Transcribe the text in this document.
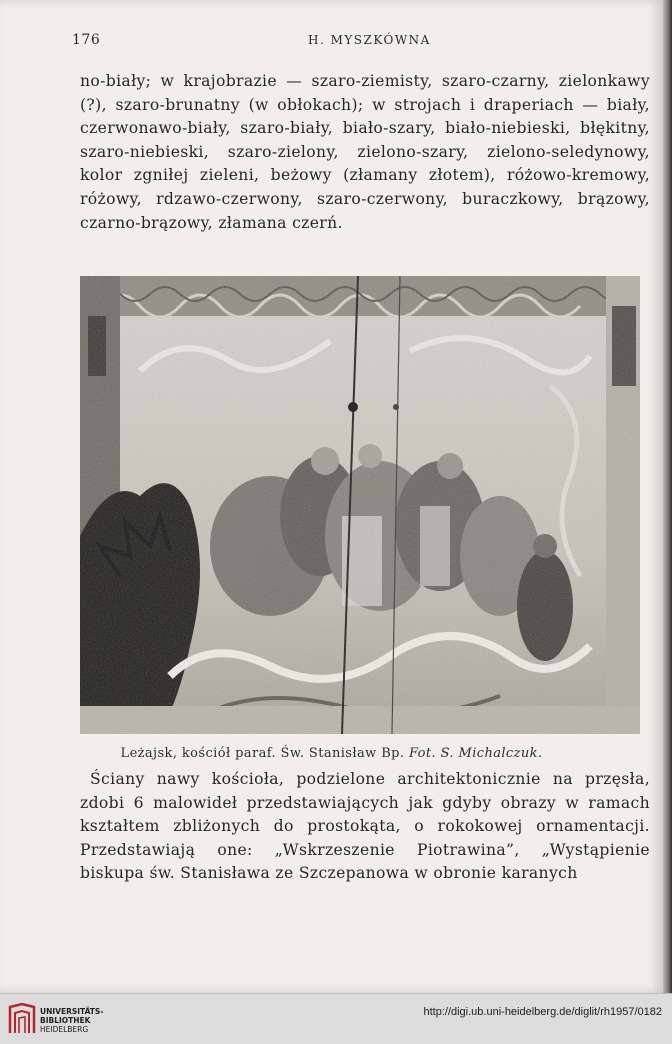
176	H. MYSZKÓWNA

no-biały; w krajobrazie — szaro-ziemisty, szaro-czarny, zielonkawy (?), szaro-brunatny (w obłokach); w strojach i draperiach — biały, czerwonawo-biały, szaro-biały, biało-szary, biało-niebieski, błękitny, szaro-niebieski, szaro-zielony, zielono-szary, zielono-seledynowy, kolor zgniłej zieleni, beżowy (złamany złotem), różowo-kremowy, różowy, rdzawo-czerwony, szaro-czerwony, buraczkowy, brązowy, czarno-brązowy, złamana czerń.

Leżajsk, kościół paraf. Św. Stanisław Bp. Fot. S. Michalczuk.

Ściany nawy kościoła, podzielone architektonicznie na przęsła, zdobi 6 malowideł przedstawiających jak gdyby obrazy w ramach kształtem zbliżonych do prostokąta, o rokokowej ornamentacji. Przedstawiają one: „Wskrzeszenie Piotrawina”, „Wystąpienie biskupa św. Stanisława ze Szczepanowa w obronie karanych

UNIVERSITÄTS-
BIBLIOTHEK
HEIDELBERG
http://digi.ub.uni-heidelberg.de/diglit/rh1957/0182
